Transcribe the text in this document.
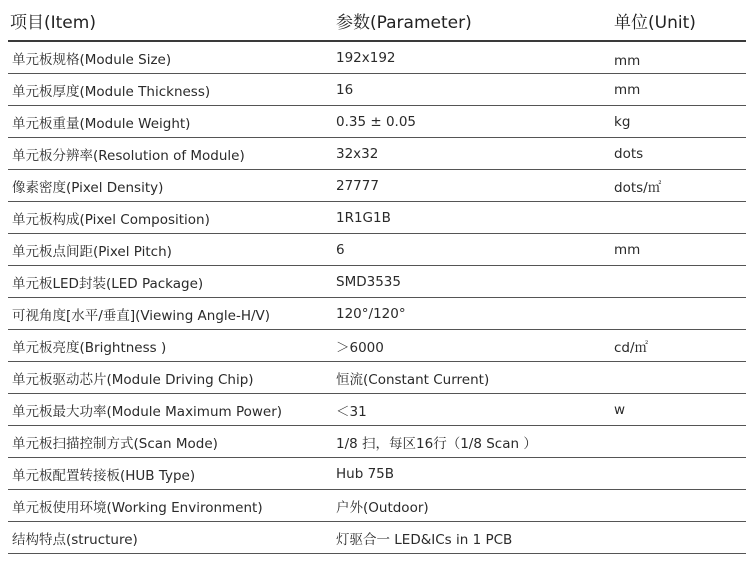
项目(Item)	参数(Parameter)	单位(Unit)
单元板规格(Module Size)	192x192	mm
单元板厚度(Module Thickness)	16	mm
单元板重量(Module Weight)	0.35 ± 0.05	kg
单元板分辨率(Resolution of Module)	32x32	dots
像素密度(Pixel Density)	27777	dots/㎡
单元板构成(Pixel Composition)	1R1G1B
单元板点间距(Pixel Pitch)	6	mm
单元板LED封装(LED Package)	SMD3535
可视角度[水平/垂直](Viewing Angle-H/V)	120°/120°
单元板亮度(Brightness )	＞6000	cd/㎡
单元板驱动芯片(Module Driving Chip)	恒流(Constant Current)
单元板最大功率(Module Maximum Power)	＜31	w
单元板扫描控制方式(Scan Mode)	1/8 扫，每区16行（1/8 Scan ）
单元板配置转接板(HUB Type)	Hub 75B
单元板使用环境(Working Environment)	户外(Outdoor)
结构特点(structure)	灯驱合一 LED&ICs in 1 PCB
